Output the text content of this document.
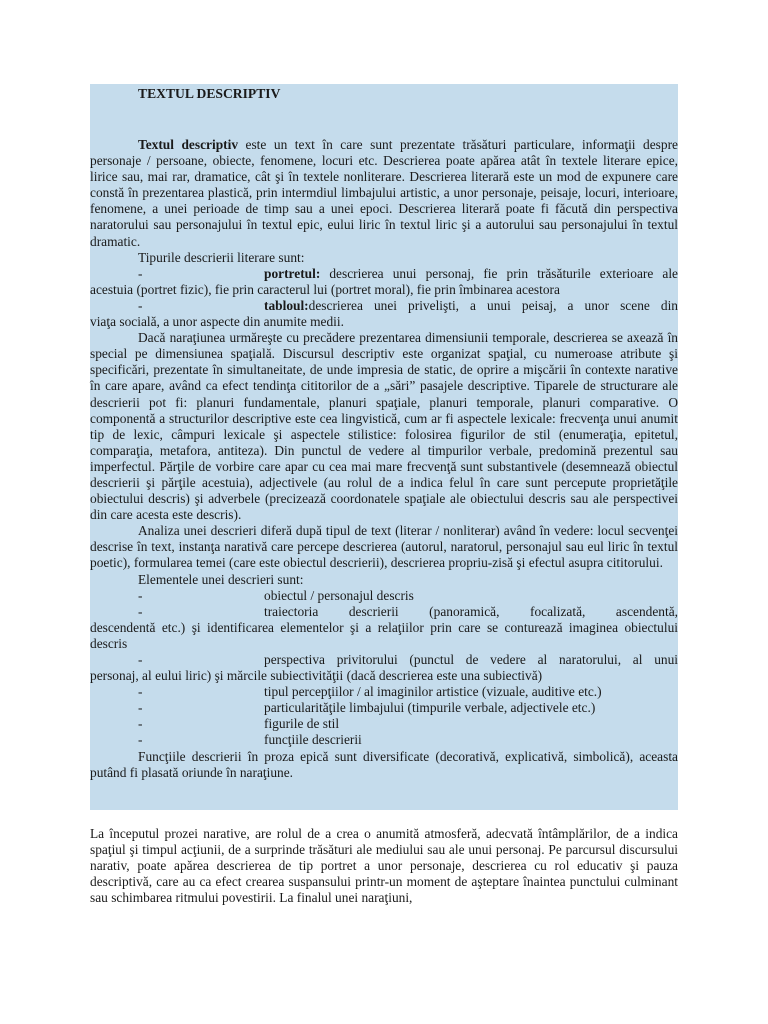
TEXTUL DESCRIPTIV

Textul descriptiv este un text în care sunt prezentate trăsături particulare, informaţii despre personaje / persoane, obiecte, fenomene, locuri etc. Descrierea poate apărea atât în textele literare epice, lirice sau, mai rar, dramatice, cât şi în textele nonliterare. Descrierea literară este un mod de expunere care constă în prezentarea plastică, prin intermdiul limbajului artistic, a unor personaje, peisaje, locuri, interioare, fenomene, a unei perioade de timp sau a unei epoci. Descrierea literară poate fi făcută din perspectiva naratorului sau personajului în textul epic, eului liric în textul liric şi a autorului sau personajului în textul dramatic.

Tipurile descrierii literare sunt:

-	portretul: descrierea unui personaj, fie prin trăsăturile exterioare ale

acestuia (portret fizic), fie prin caracterul lui (portret moral), fie prin îmbinarea acestora

-	tabloul:descrierea unei privelişti, a unui peisaj, a unor scene din

viaţa socială, a unor aspecte din anumite medii.

Dacă naraţiunea urmăreşte cu precădere prezentarea dimensiunii temporale, descrierea se axează în special pe dimensiunea spaţială. Discursul descriptiv este organizat spaţial, cu numeroase atribute şi specificări, prezentate în simultaneitate, de unde impresia de static, de oprire a mişcării în contexte narative în care apare, având ca efect tendinţa cititorilor de a „sări” pasajele descriptive. Tiparele de structurare ale descrierii pot fi: planuri fundamentale, planuri spaţiale, planuri temporale, planuri comparative. O componentă a structurilor descriptive este cea lingvistică, cum ar fi aspectele lexicale: frecvenţa unui anumit tip de lexic, câmpuri lexicale şi aspectele stilistice: folosirea figurilor de stil (enumeraţia, epitetul, comparaţia, metafora, antiteza). Din punctul de vedere al timpurilor verbale, predomină prezentul sau imperfectul. Părţile de vorbire care apar cu cea mai mare frecvenţă sunt substantivele (desemnează obiectul descrierii şi părţile acestuia), adjectivele (au rolul de a indica felul în care sunt percepute proprietăţile obiectului descris) şi adverbele (precizează coordonatele spaţiale ale obiectului descris sau ale perspectivei din care acesta este descris).

Analiza unei descrieri diferă după tipul de text (literar / nonliterar) având în vedere: locul secvenţei descrise în text, instanţa narativă care percepe descrierea (autorul, naratorul, personajul sau eul liric în textul poetic), formularea temei (care este obiectul descrierii), descrierea propriu-zisă şi efectul asupra cititorului.

Elementele unei descrieri sunt:

-	obiectul / personajul descris
-	traiectoria descrierii (panoramică, focalizată, ascendentă,

descendentă etc.) şi identificarea elementelor şi a relaţiilor prin care se conturează imaginea obiectului descris

-	perspectiva privitorului (punctul de vedere al naratorului, al unui

personaj, al eului liric) şi mărcile subiectivităţii (dacă descrierea este una subiectivă)

-	tipul percepţiilor / al imaginilor artistice (vizuale, auditive etc.)
-	particularităţile limbajului (timpurile verbale, adjectivele etc.)
-	figurile de stil
-	funcţiile descrierii

Funcţiile descrierii în proza epică sunt diversificate (decorativă, explicativă, simbolică), aceasta putând fi plasată oriunde în naraţiune.

La începutul prozei narative, are rolul de a crea o anumită atmosferă, adecvată întâmplărilor, de a indica spaţiul şi timpul acţiunii, de a surprinde trăsături ale mediului sau ale unui personaj. Pe parcursul discursului narativ, poate apărea descrierea de tip portret a unor personaje, descrierea cu rol educativ şi pauza descriptivă, care au ca efect crearea suspansului printr-un moment de aşteptare înaintea punctului culminant sau schimbarea ritmului povestirii. La finalul unei naraţiuni,
